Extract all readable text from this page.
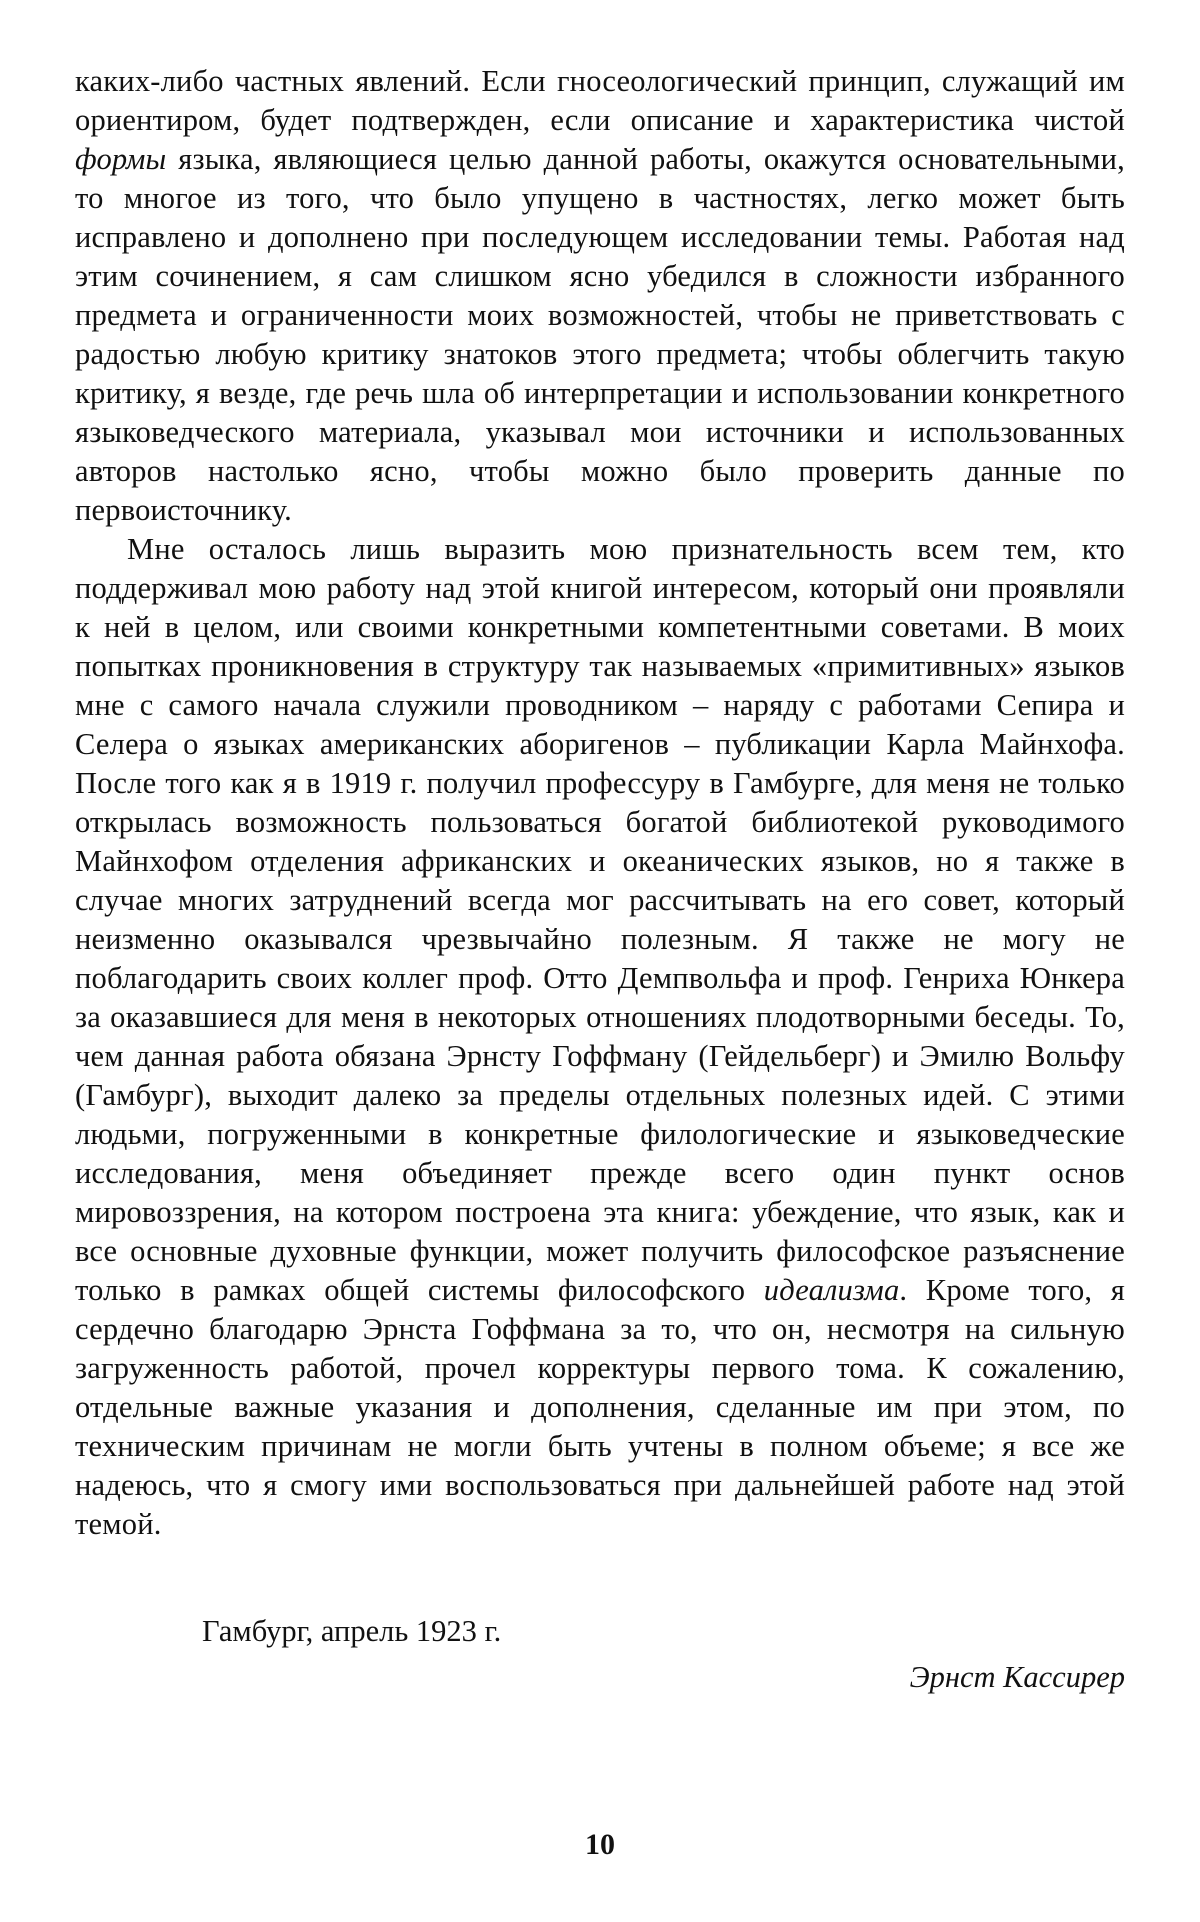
каких-либо частных явлений. Если гносеологический принцип, служащий им ориентиром, будет подтвержден, если описание и характеристика чистой формы языка, являющиеся целью данной работы, окажутся основательными, то многое из того, что было упущено в частностях, легко может быть исправлено и дополнено при последующем исследовании темы. Работая над этим сочинением, я сам слишком ясно убедился в сложности избранного предмета и ограниченности моих возможностей, чтобы не приветствовать с радостью любую критику знатоков этого предмета; чтобы облегчить такую критику, я везде, где речь шла об интерпретации и использовании конкретного языковедческого материала, указывал мои источники и использованных авторов настолько ясно, чтобы можно было проверить данные по первоисточнику.

Мне осталось лишь выразить мою признательность всем тем, кто поддерживал мою работу над этой книгой интересом, который они проявляли к ней в целом, или своими конкретными компетентными советами. В моих попытках проникновения в структуру так называемых «примитивных» языков мне с самого начала служили проводником – наряду с работами Сепира и Селера о языках американских аборигенов – публикации Карла Майнхофа. После того как я в 1919 г. получил профессуру в Гамбурге, для меня не только открылась возможность пользоваться богатой библиотекой руководимого Майнхофом отделения африканских и океанических языков, но я также в случае многих затруднений всегда мог рассчитывать на его совет, который неизменно оказывался чрезвычайно полезным. Я также не могу не поблагодарить своих коллег проф. Отто Демпвольфа и проф. Генриха Юнкера за оказавшиеся для меня в некоторых отношениях плодотворными беседы. То, чем данная работа обязана Эрнсту Гоффману (Гейдельберг) и Эмилю Вольфу (Гамбург), выходит далеко за пределы отдельных полезных идей. С этими людьми, погруженными в конкретные филологические и языковедческие исследования, меня объединяет прежде всего один пункт основ мировоззрения, на котором построена эта книга: убеждение, что язык, как и все основные духовные функции, может получить философское разъяснение только в рамках общей системы философского идеализма. Кроме того, я сердечно благодарю Эрнста Гоффмана за то, что он, несмотря на сильную загруженность работой, прочел корректуры первого тома. К сожалению, отдельные важные указания и дополнения, сделанные им при этом, по техническим причинам не могли быть учтены в полном объеме; я все же надеюсь, что я смогу ими воспользоваться при дальнейшей работе над этой темой.

Гамбург, апрель 1923 г.
Эрнст Кассирер
10
